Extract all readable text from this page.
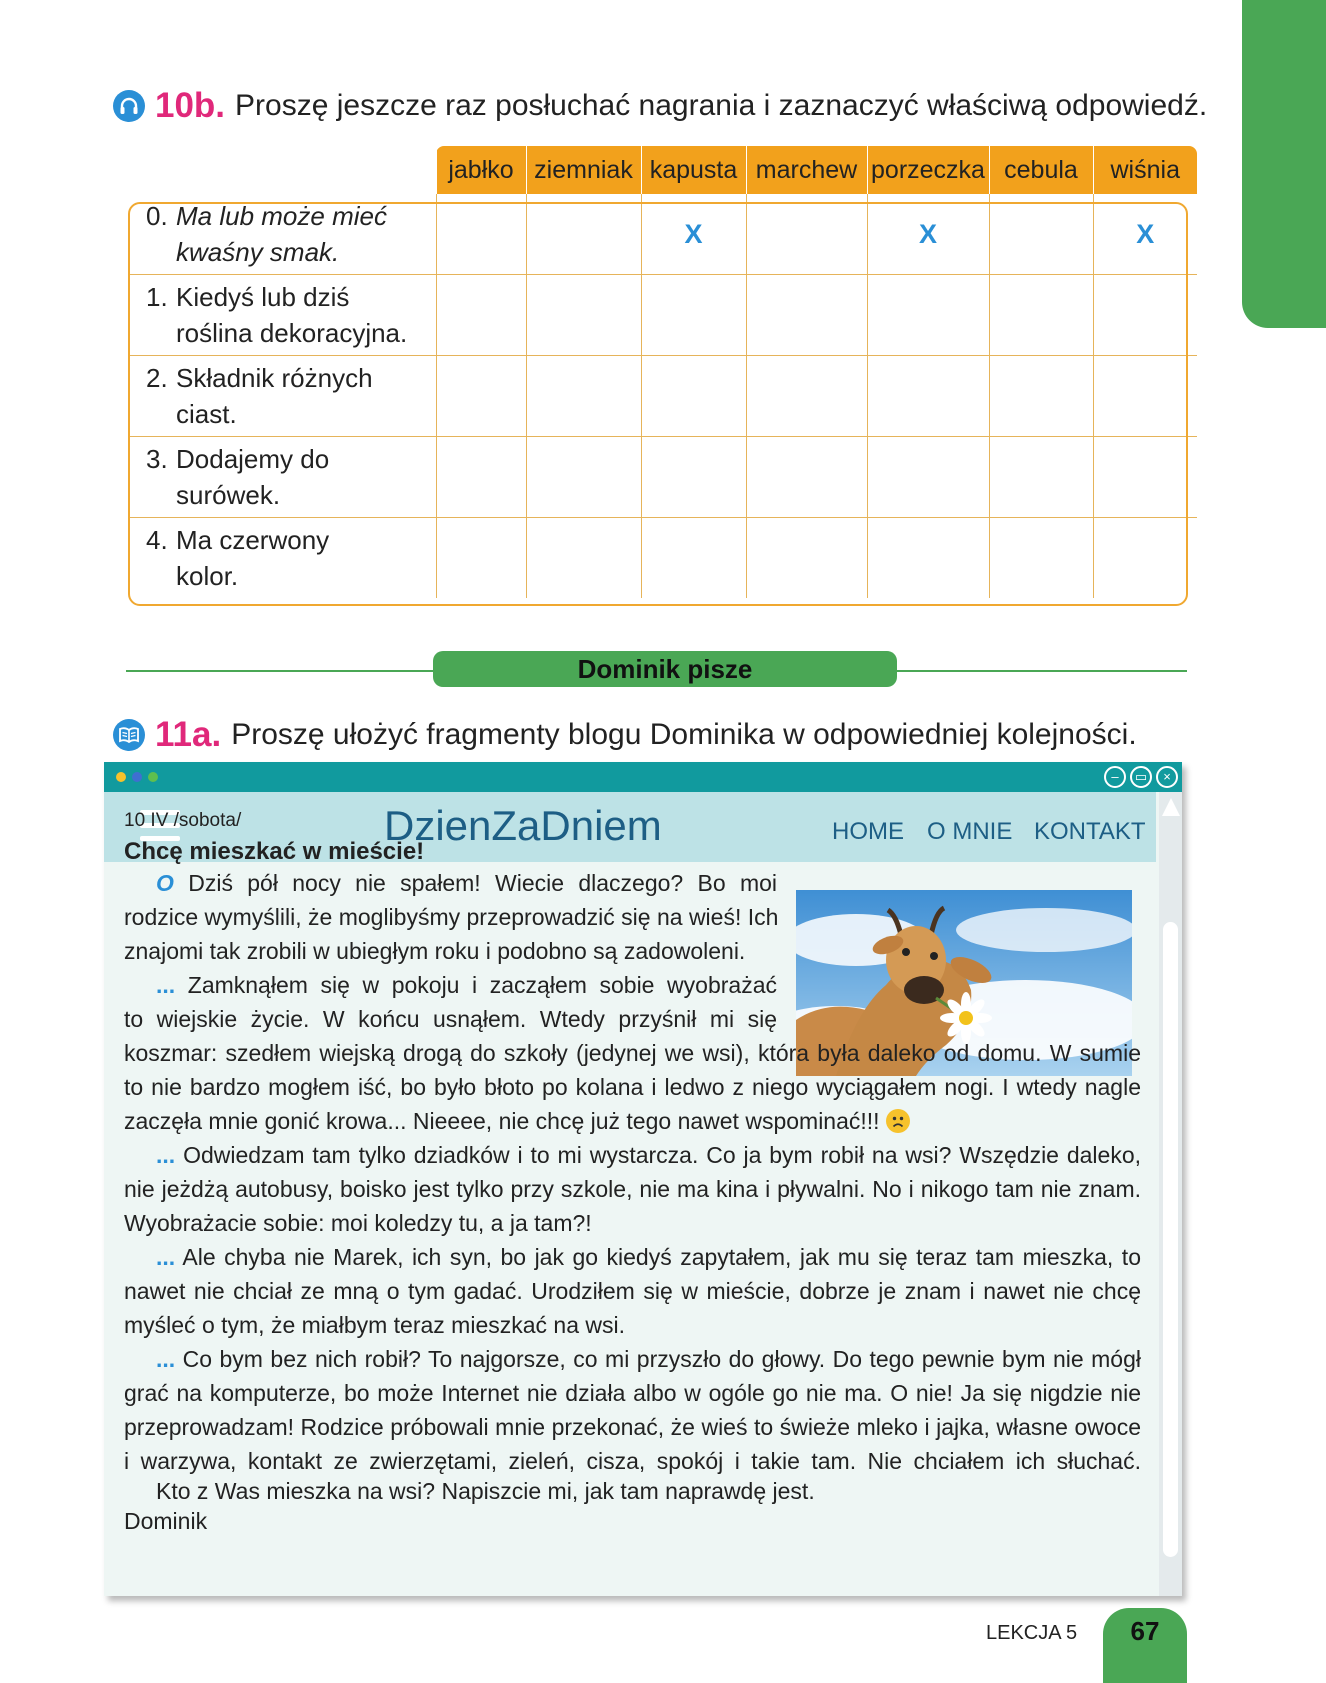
10b. Proszę jeszcze raz posłuchać nagrania i zaznaczyć właściwą odpowiedź.
	jabłko	ziemniak	kapusta	marchew	porzeczka	cebula	wiśnia

0. Ma lub może mieć
kwaśny smak.			X		X		X

1. Kiedyś lub dziś
roślina dekoracyjna.							

2. Składnik różnych
ciast.							

3. Dodajemy do
surówek.							

4. Ma czerwony
kolor.							

Dominik pisze
11a. Proszę ułożyć fragmenty blogu Dominika w odpowiedniej kolejności.
–	▭	×
DzienZaDniem	HOME O MNIE KONTAKT
10 IV /sobota/
Chcę mieszkać w mieście!
O Dziś pół nocy nie spałem! Wiecie dlaczego? Bo moi
rodzice wymyślili, że moglibyśmy przeprowadzić się na wieś! Ich
znajomi tak zrobili w ubiegłym roku i podobno są zadowoleni.
... Zamknąłem się w pokoju i zacząłem sobie wyobrażać
to wiejskie życie. W końcu usnąłem. Wtedy przyśnił mi się
koszmar: szedłem wiejską drogą do szkoły (jedynej we wsi), która była daleko od domu. W sumie
to nie bardzo mogłem iść, bo było błoto po kolana i ledwo z niego wyciągałem nogi. I wtedy nagle
zaczęła mnie gonić krowa... Nieeee, nie chcę już tego nawet wspominać!!!
... Odwiedzam tam tylko dziadków i to mi wystarcza. Co ja bym robił na wsi? Wszędzie daleko,
nie jeżdżą autobusy, boisko jest tylko przy szkole, nie ma kina i pływalni. No i nikogo tam nie znam.
Wyobrażacie sobie: moi koledzy tu, a ja tam?!
... Ale chyba nie Marek, ich syn, bo jak go kiedyś zapytałem, jak mu się teraz tam mieszka, to
nawet nie chciał ze mną o tym gadać. Urodziłem się w mieście, dobrze je znam i nawet nie chcę
myśleć o tym, że miałbym teraz mieszkać na wsi.
... Co bym bez nich robił? To najgorsze, co mi przyszło do głowy. Do tego pewnie bym nie mógł
grać na komputerze, bo może Internet nie działa albo w ogóle go nie ma. O nie! Ja się nigdzie nie
przeprowadzam! Rodzice próbowali mnie przekonać, że wieś to świeże mleko i jajka, własne owoce
i warzywa, kontakt ze zwierzętami, zieleń, cisza, spokój i takie tam. Nie chciałem ich słuchać.
Kto z Was mieszka na wsi? Napiszcie mi, jak tam naprawdę jest.
Dominik
LEKCJA 5	67
